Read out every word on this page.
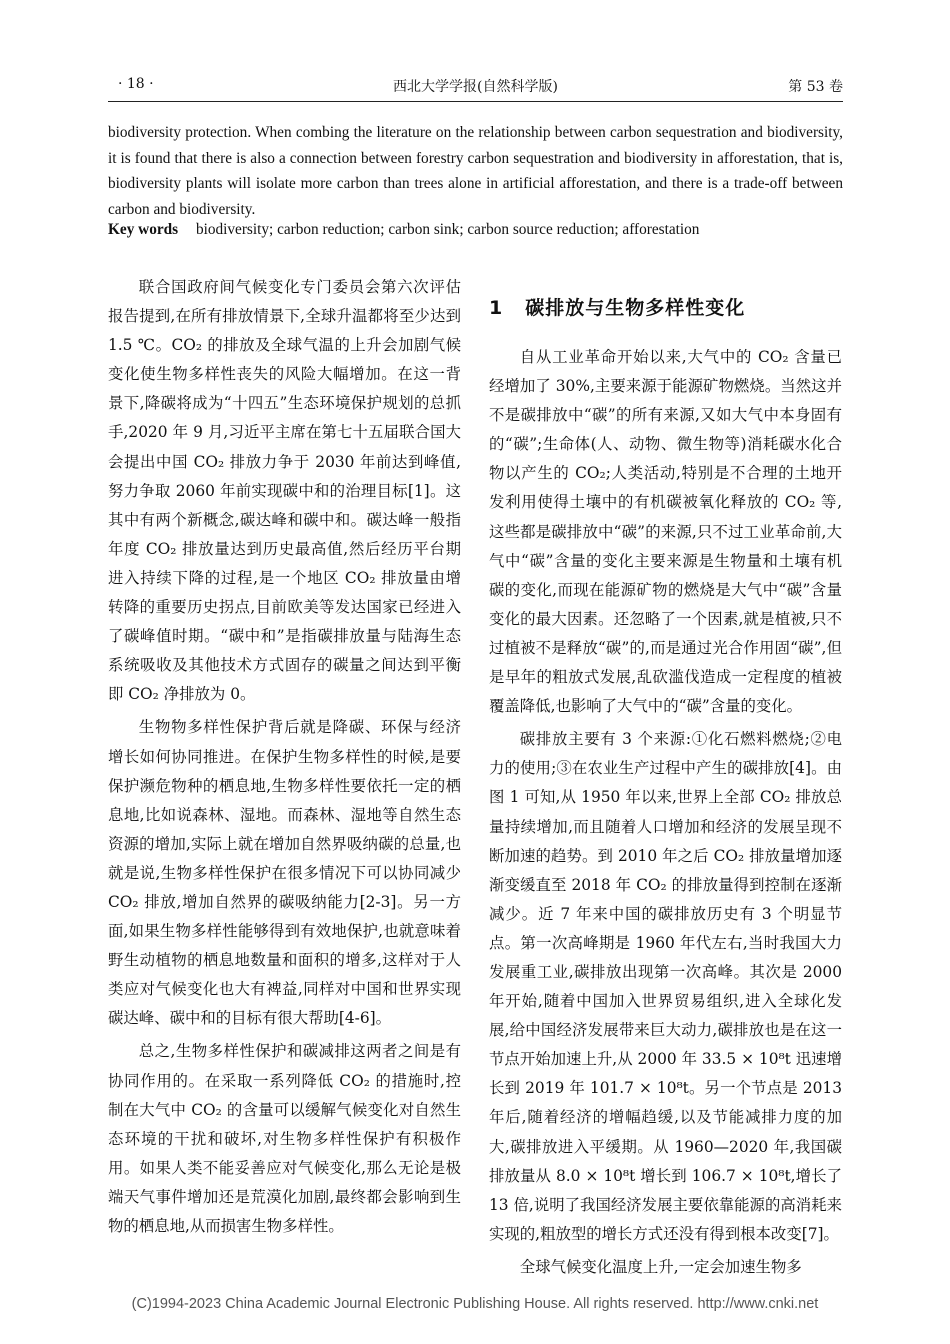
· 18 ·	西北大学学报(自然科学版)	第 53 卷
biodiversity protection. When combing the literature on the relationship between carbon sequestration and biodiversity, it is found that there is also a connection between forestry carbon sequestration and biodiversity in afforestation, that is, biodiversity plants will isolate more carbon than trees alone in artificial afforestation, and there is a trade-off between carbon and biodiversity.
Key words biodiversity; carbon reduction; carbon sink; carbon source reduction; afforestation

联合国政府间气候变化专门委员会第六次评估报告提到,在所有排放情景下,全球升温都将至少达到 1.5 ℃。CO₂ 的排放及全球气温的上升会加剧气候变化使生物多样性丧失的风险大幅增加。在这一背景下,降碳将成为“十四五”生态环境保护规划的总抓手,2020 年 9 月,习近平主席在第七十五届联合国大会提出中国 CO₂ 排放力争于 2030 年前达到峰值,努力争取 2060 年前实现碳中和的治理目标[1]。这其中有两个新概念,碳达峰和碳中和。碳达峰一般指年度 CO₂ 排放量达到历史最高值,然后经历平台期进入持续下降的过程,是一个地区 CO₂ 排放量由增转降的重要历史拐点,目前欧美等发达国家已经进入了碳峰值时期。“碳中和”是指碳排放量与陆海生态系统吸收及其他技术方式固存的碳量之间达到平衡即 CO₂ 净排放为 0。

生物物多样性保护背后就是降碳、环保与经济增长如何协同推进。在保护生物多样性的时候,是要保护濒危物种的栖息地,生物多样性要依托一定的栖息地,比如说森林、湿地。而森林、湿地等自然生态资源的增加,实际上就在增加自然界吸纳碳的总量,也就是说,生物多样性保护在很多情况下可以协同减少 CO₂ 排放,增加自然界的碳吸纳能力[2-3]。另一方面,如果生物多样性能够得到有效地保护,也就意味着野生动植物的栖息地数量和面积的增多,这样对于人类应对气候变化也大有裨益,同样对中国和世界实现碳达峰、碳中和的目标有很大帮助[4-6]。

总之,生物多样性保护和碳减排这两者之间是有协同作用的。在采取一系列降低 CO₂ 的措施时,控制在大气中 CO₂ 的含量可以缓解气候变化对自然生态环境的干扰和破坏,对生物多样性保护有积极作用。如果人类不能妥善应对气候变化,那么无论是极端天气事件增加还是荒漠化加剧,最终都会影响到生物的栖息地,从而损害生物多样性。

1 碳排放与生物多样性变化

自从工业革命开始以来,大气中的 CO₂ 含量已经增加了 30%,主要来源于能源矿物燃烧。当然这并不是碳排放中“碳”的所有来源,又如大气中本身固有的“碳”;生命体(人、动物、微生物等)消耗碳水化合物以产生的 CO₂;人类活动,特别是不合理的土地开发利用使得土壤中的有机碳被氧化释放的 CO₂ 等,这些都是碳排放中“碳”的来源,只不过工业革命前,大气中“碳”含量的变化主要来源是生物量和土壤有机碳的变化,而现在能源矿物的燃烧是大气中“碳”含量变化的最大因素。还忽略了一个因素,就是植被,只不过植被不是释放“碳”的,而是通过光合作用固“碳”,但是早年的粗放式发展,乱砍滥伐造成一定程度的植被覆盖降低,也影响了大气中的“碳”含量的变化。

碳排放主要有 3 个来源:①化石燃料燃烧;②电力的使用;③在农业生产过程中产生的碳排放[4]。由图 1 可知,从 1950 年以来,世界上全部 CO₂ 排放总量持续增加,而且随着人口增加和经济的发展呈现不断加速的趋势。到 2010 年之后 CO₂ 排放量增加逐渐变缓直至 2018 年 CO₂ 的排放量得到控制在逐渐减少。近 7 年来中国的碳排放历史有 3 个明显节点。第一次高峰期是 1960 年代左右,当时我国大力发展重工业,碳排放出现第一次高峰。其次是 2000 年开始,随着中国加入世界贸易组织,进入全球化发展,给中国经济发展带来巨大动力,碳排放也是在这一节点开始加速上升,从 2000 年 33.5 × 10⁸t 迅速增长到 2019 年 101.7 × 10⁸t。另一个节点是 2013 年后,随着经济的增幅趋缓,以及节能减排力度的加大,碳排放进入平缓期。从 1960—2020 年,我国碳排放量从 8.0 × 10⁸t 增长到 106.7 × 10⁸t,增长了 13 倍,说明了我国经济发展主要依靠能源的高消耗来实现的,粗放型的增长方式还没有得到根本改变[7]。

全球气候变化温度上升,一定会加速生物多

(C)1994-2023 China Academic Journal Electronic Publishing House. All rights reserved. http://www.cnki.net
